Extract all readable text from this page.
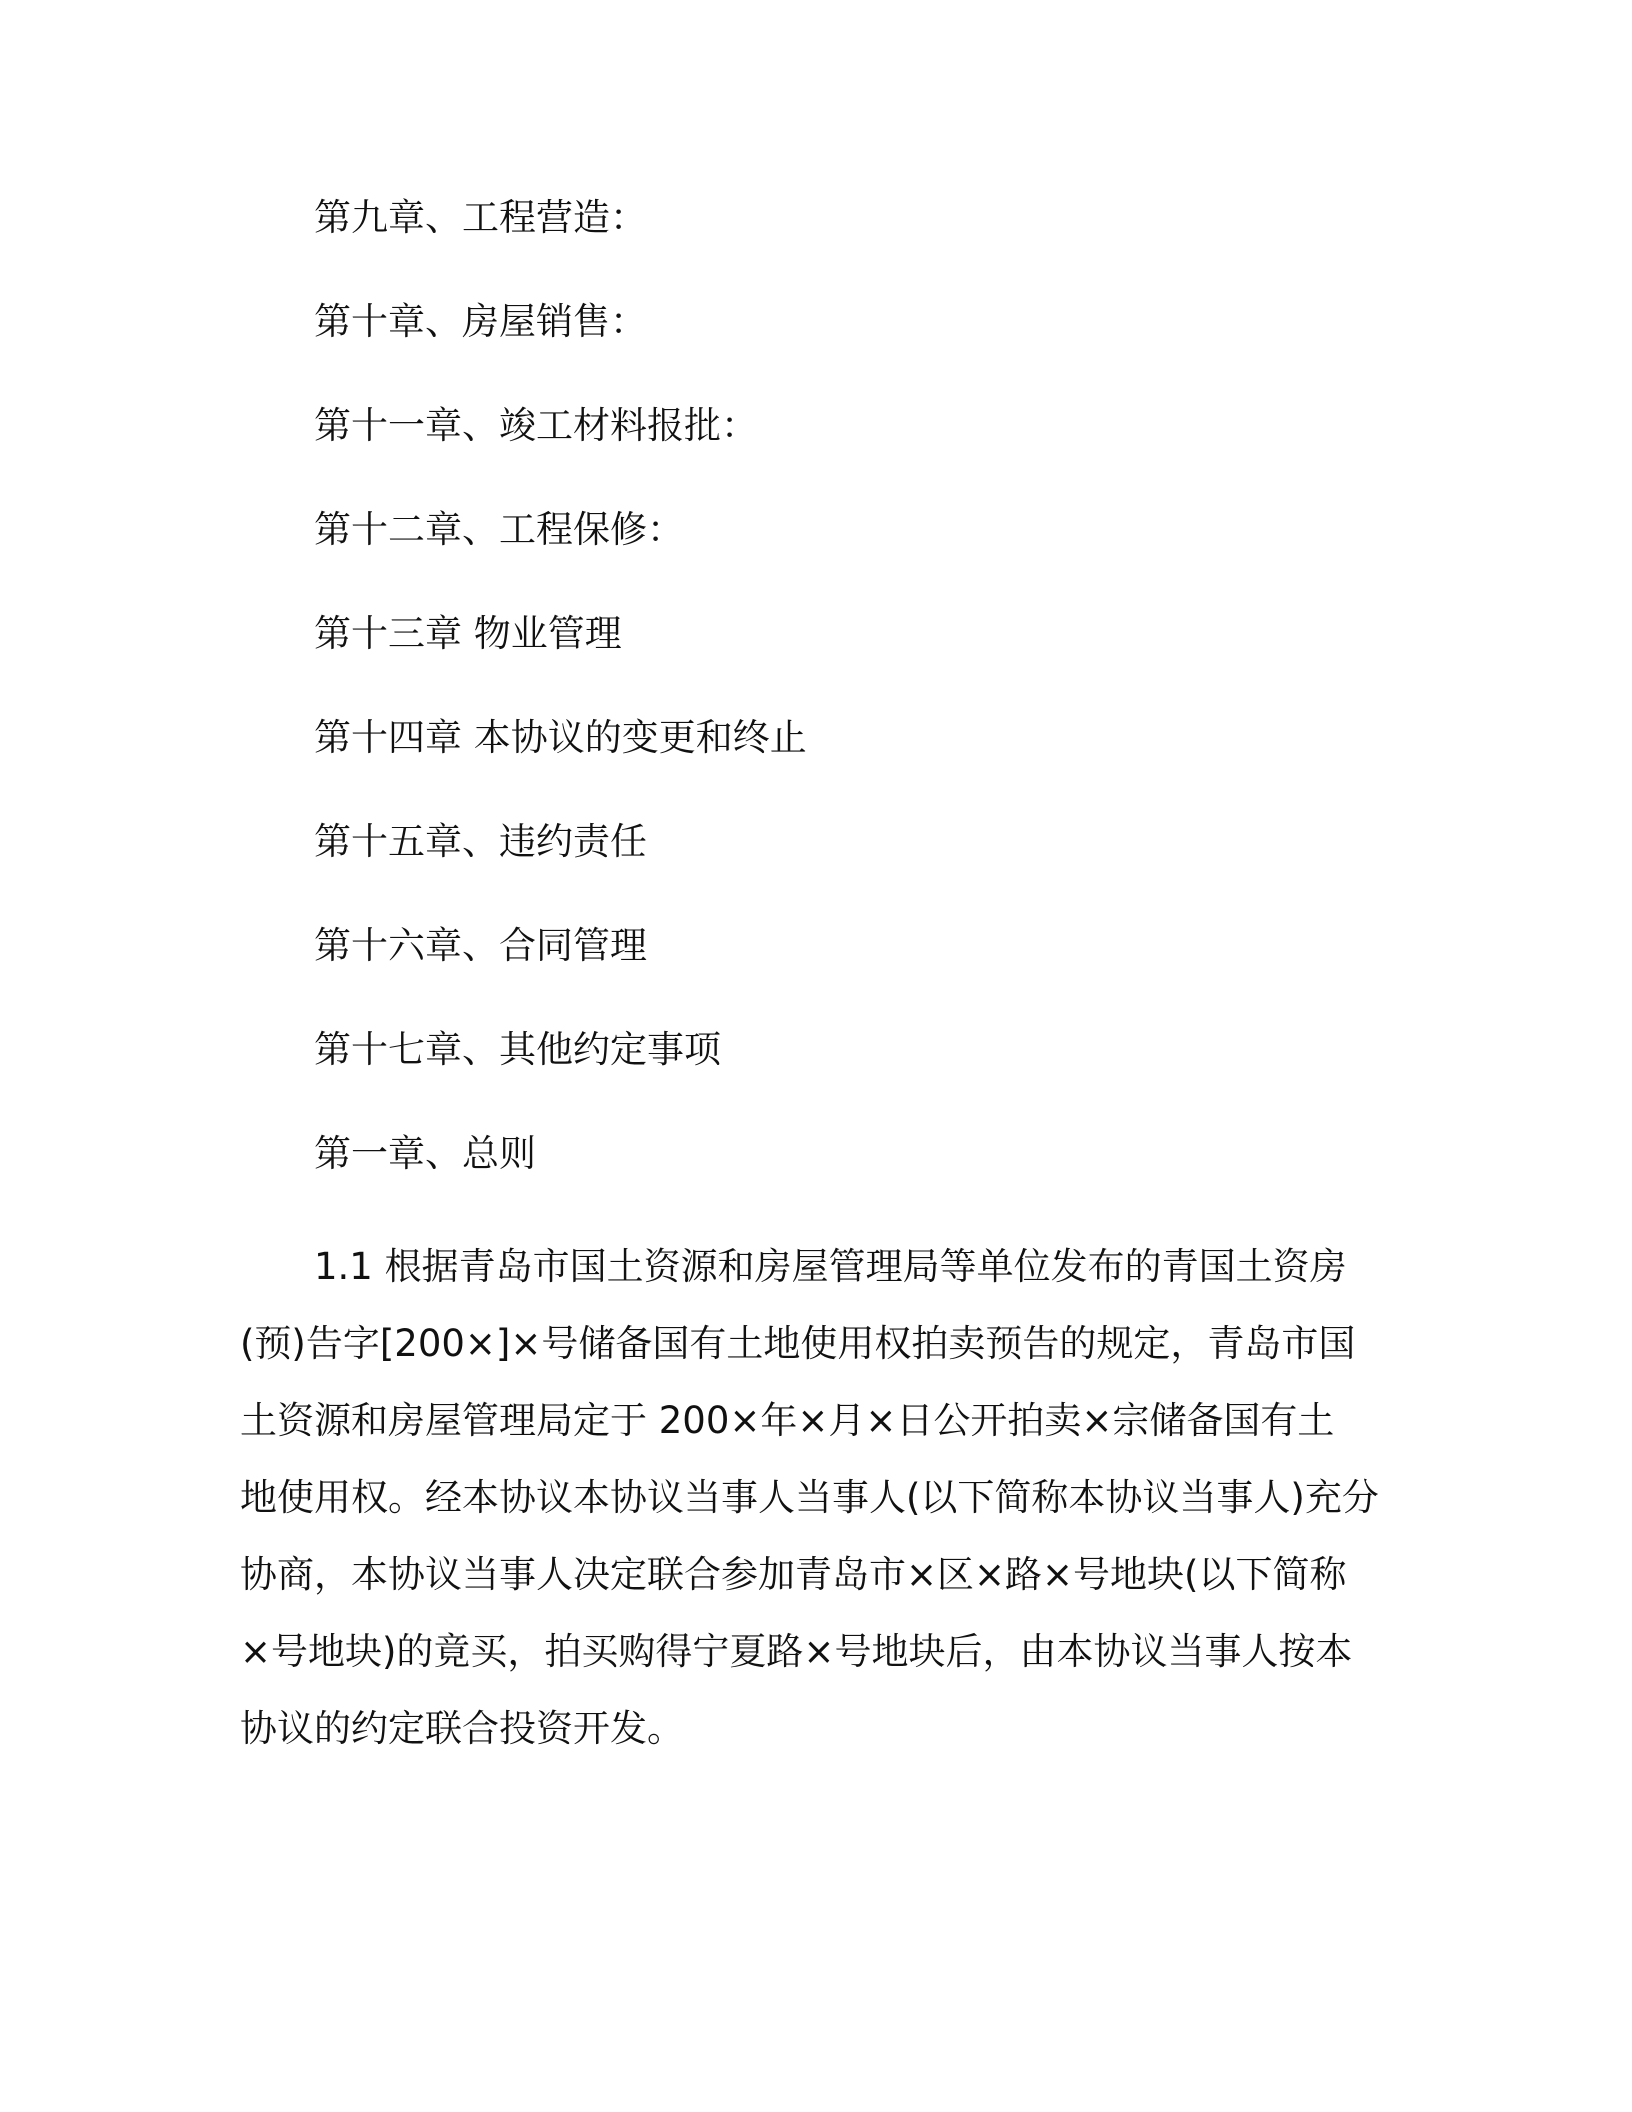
第九章、工程营造：
第十章、房屋销售：
第十一章、竣工材料报批：
第十二章、工程保修：
第十三章 物业管理
第十四章 本协议的变更和终止
第十五章、违约责任
第十六章、合同管理
第十七章、其他约定事项
第一章、总则

1.1 根据青岛市国土资源和房屋管理局等单位发布的青国土资房
(预)告字[200×]×号储备国有土地使用权拍卖预告的规定，青岛市国
土资源和房屋管理局定于 200×年×月×日公开拍卖×宗储备国有土
地使用权。经本协议本协议当事人当事人(以下简称本协议当事人)充分
协商，本协议当事人决定联合参加青岛市×区×路×号地块(以下简称
×号地块)的竟买，拍买购得宁夏路×号地块后，由本协议当事人按本
协议的约定联合投资开发。
